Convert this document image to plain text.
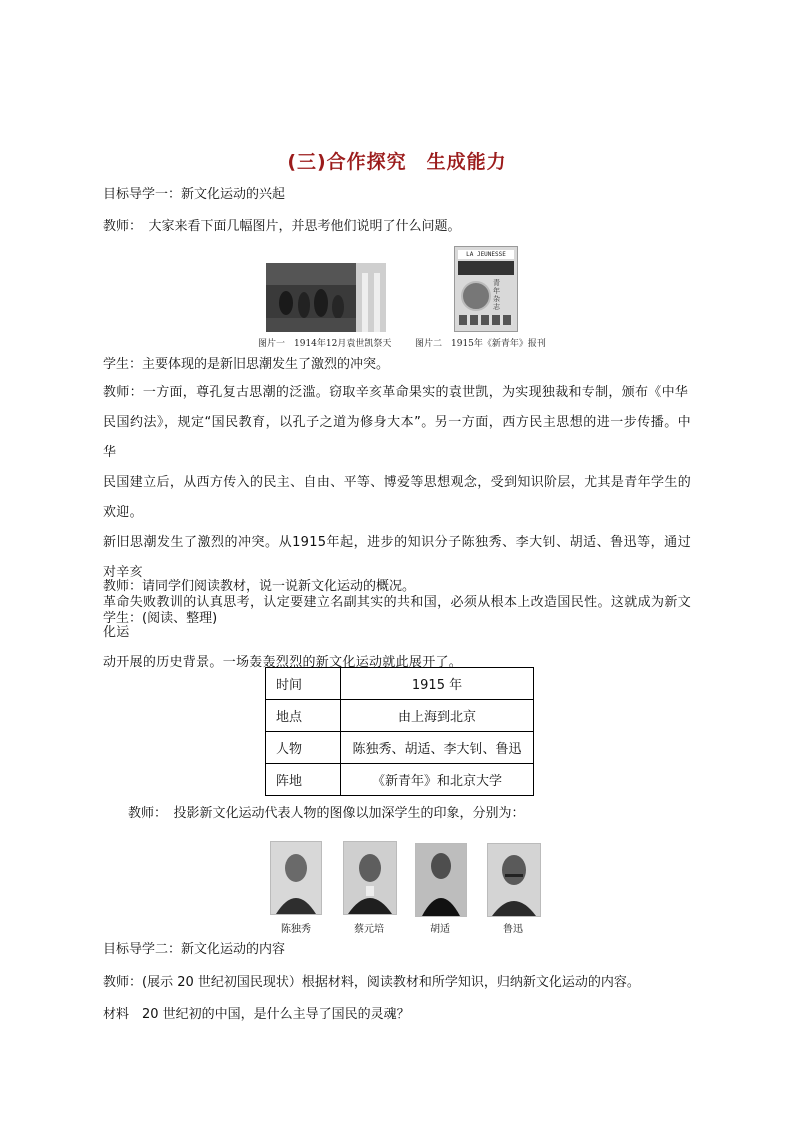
(三)合作探究　生成能力
目标导学一：新文化运动的兴起
教师：　大家来看下面几幅图片，并思考他们说明了什么问题。
LA JEUNESSE
青年杂志
图片一　1914年12月袁世凯祭天	图片二　1915年《新青年》报刊
学生：主要体现的是新旧思潮发生了激烈的冲突。

教师：一方面，尊孔复古思潮的泛滥。窃取辛亥革命果实的袁世凯，为实现独裁和专制，颁布《中华

民国约法》，规定“国民教育，以孔子之道为修身大本”。另一方面，西方民主思想的进一步传播。中华

民国建立后，从西方传入的民主、自由、平等、博爱等思想观念，受到知识阶层，尤其是青年学生的欢迎。

新旧思潮发生了激烈的冲突。从1915年起，进步的知识分子陈独秀、李大钊、胡适、鲁迅等，通过对辛亥

革命失败教训的认真思考，认定要建立名副其实的共和国，必须从根本上改造国民性。这就成为新文化运

动开展的历史背景。一场轰轰烈烈的新文化运动就此展开了。

教师：请同学们阅读教材，说一说新文化运动的概况。
学生：(阅读、整理)
时间	1915 年
地点	由上海到北京
人物	陈独秀、胡适、李大钊、鲁迅
阵地	《新青年》和北京大学
教师：　投影新文化运动代表人物的图像以加深学生的印象，分别为：
陈独秀	蔡元培	胡适	鲁迅
目标导学二：新文化运动的内容
教师：(展示 20 世纪初国民现状）根据材料，阅读教材和所学知识，归纳新文化运动的内容。
材料　20 世纪初的中国，是什么主导了国民的灵魂？
